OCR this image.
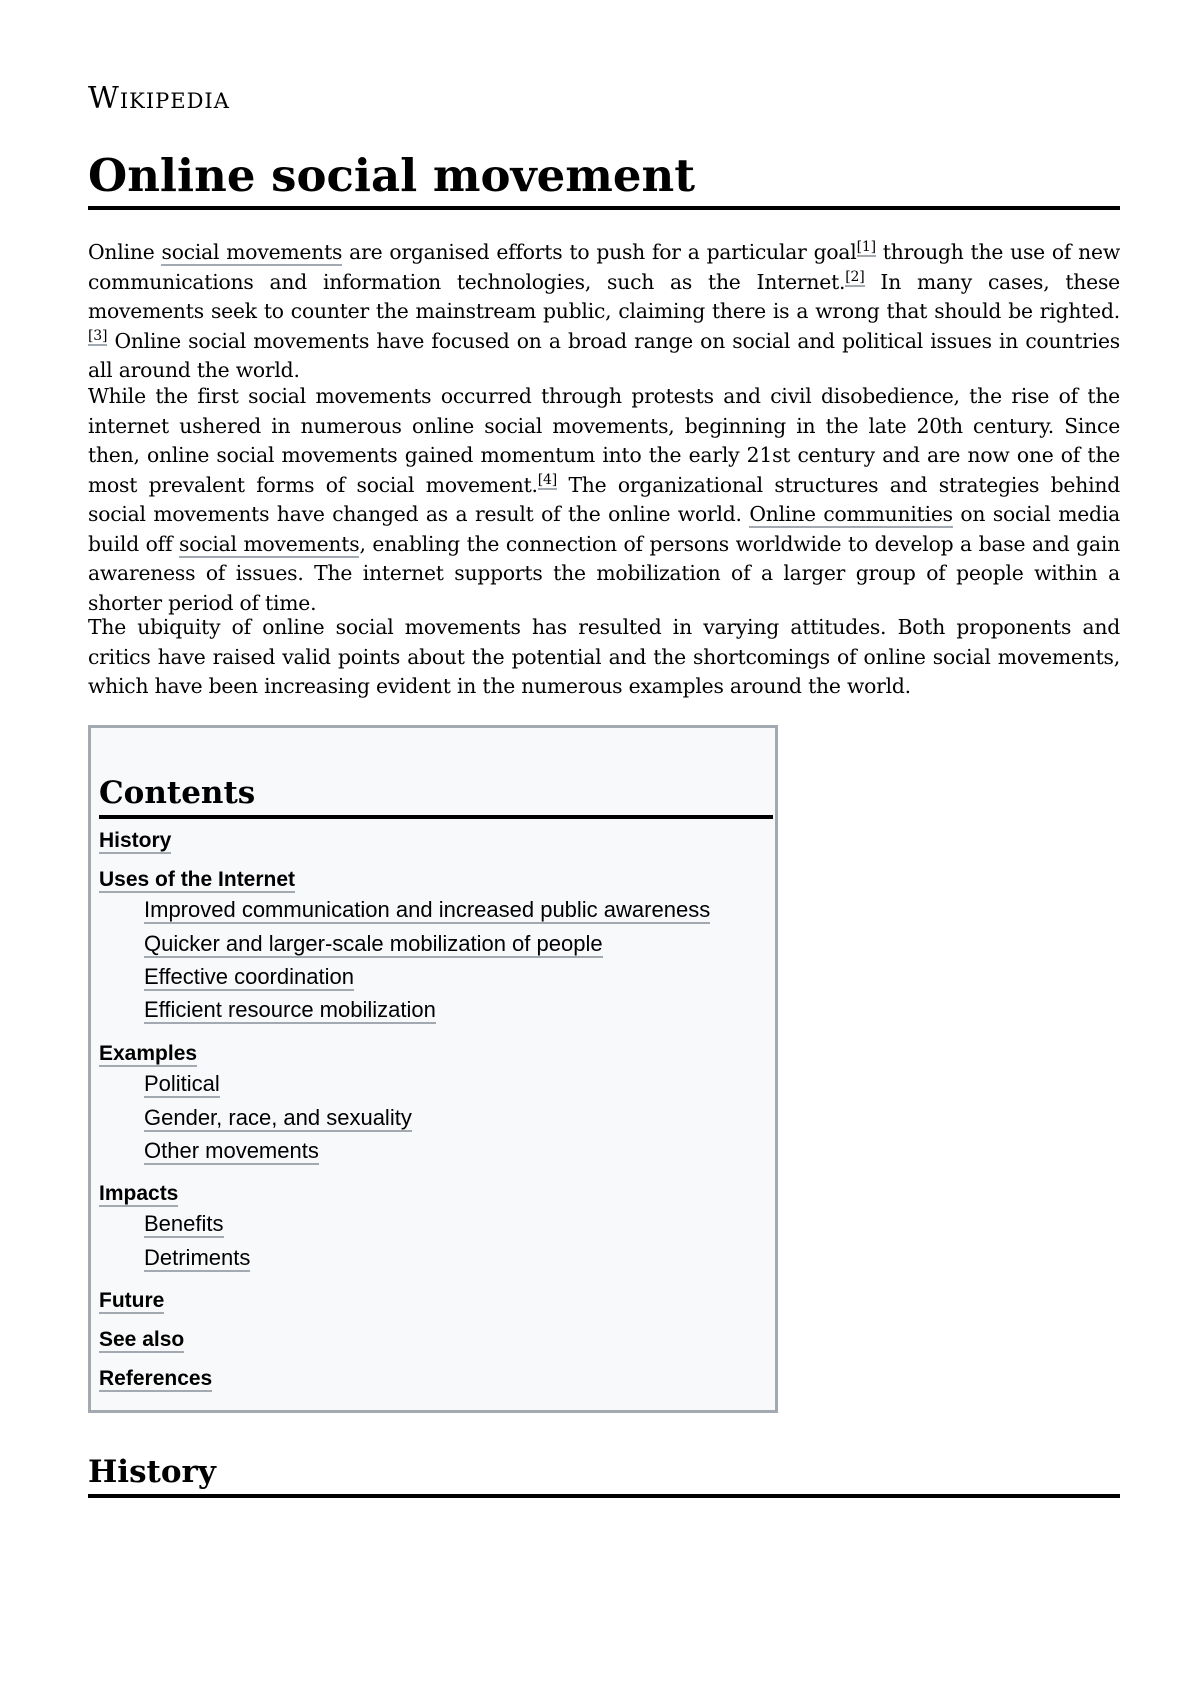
Wikipedia
Online social movement

Online social movements are organised efforts to push for a particular goal[1] through the use of new communications and information technologies, such as the Internet.[2] In many cases, these movements seek to counter the mainstream public, claiming there is a wrong that should be righted.[3] Online social movements have focused on a broad range on social and political issues in countries all around the world.

While the first social movements occurred through protests and civil disobedience, the rise of the internet ushered in numerous online social movements, beginning in the late 20th century. Since then, online social movements gained momentum into the early 21st century and are now one of the most prevalent forms of social movement.[4] The organizational structures and strategies behind social movements have changed as a result of the online world. Online communities on social media build off social movements, enabling the connection of persons worldwide to develop a base and gain awareness of issues. The internet supports the mobilization of a larger group of people within a shorter period of time.

The ubiquity of online social movements has resulted in varying attitudes. Both proponents and critics have raised valid points about the potential and the shortcomings of online social movements, which have been increasing evident in the numerous examples around the world.

Contents
History
Uses of the Internet
Improved communication and increased public awareness
Quicker and larger-scale mobilization of people
Effective coordination
Efficient resource mobilization
Examples
Political
Gender, race, and sexuality
Other movements
Impacts
Benefits
Detriments
Future
See also
References
History
